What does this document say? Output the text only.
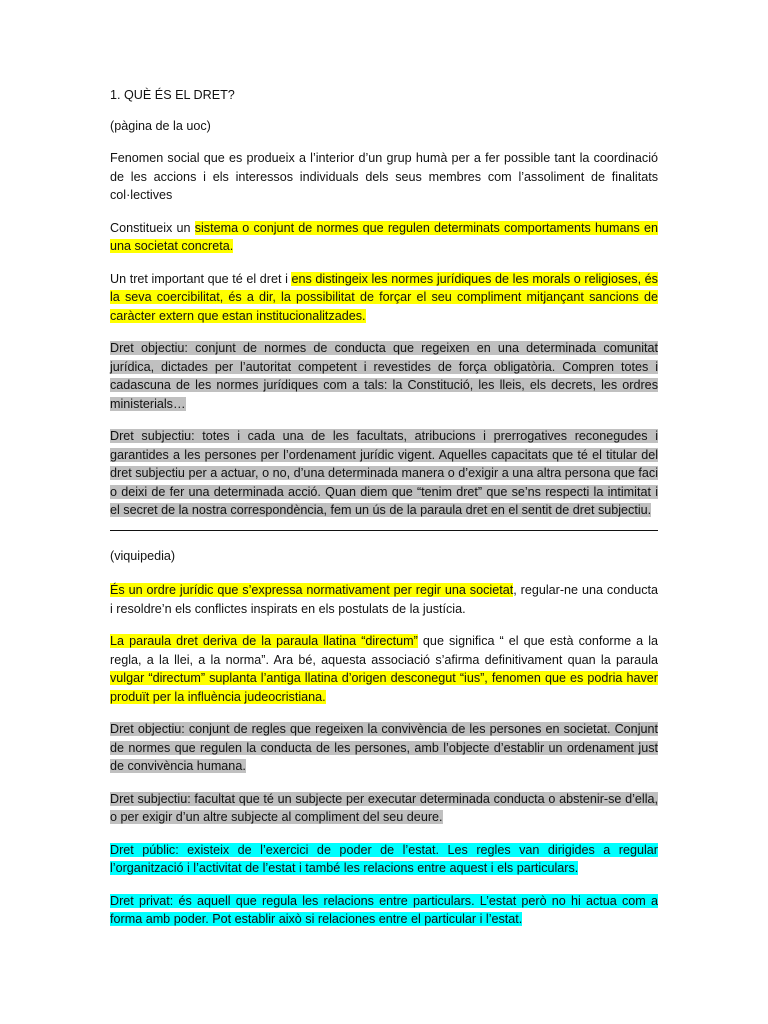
1. QUÈ ÉS EL DRET?

(pàgina de la uoc)

Fenomen social que es produeix a l’interior d’un grup humà per a fer possible tant la coordinació de les accions i els interessos individuals dels seus membres com l’assoliment de finalitats col·lectives

Constitueix un sistema o conjunt de normes que regulen determinats comportaments humans en una societat concreta.

Un tret important que té el dret i ens distingeix les normes jurídiques de les morals o religioses, és la seva coercibilitat, és a dir, la possibilitat de forçar el seu compliment mitjançant sancions de caràcter extern que estan institucionalitzades.

Dret objectiu: conjunt de normes de conducta que regeixen en una determinada comunitat jurídica, dictades per l’autoritat competent i revestides de força obligatòria. Compren totes i cadascuna de les normes jurídiques com a tals: la Constitució, les lleis, els decrets, les ordres ministerials…

Dret subjectiu: totes i cada una de les facultats, atribucions i prerrogatives reconegudes i garantides a les persones per l’ordenament jurídic vigent. Aquelles capacitats que té el titular del dret subjectiu per a actuar, o no, d’una determinada manera o d’exigir a una altra persona que faci o deixi de fer una determinada acció. Quan diem que “tenim dret” que se’ns respecti la intimitat i el secret de la nostra correspondència, fem un ús de la paraula dret en el sentit de dret subjectiu.

(viquipedia)

És un ordre jurídic que s’expressa normativament per regir una societat, regular-ne una conducta i resoldre’n els conflictes inspirats en els postulats de la justícia.

La paraula dret deriva de la paraula llatina “directum” que significa “ el que està conforme a la regla, a la llei, a la norma”. Ara bé, aquesta associació s’afirma definitivament quan la paraula vulgar “directum” suplanta l’antiga llatina d’origen desconegut “ius”, fenomen que es podria haver produït per la influència judeocristiana.

Dret objectiu: conjunt de regles que regeixen la convivència de les persones en societat. Conjunt de normes que regulen la conducta de les persones, amb l’objecte d’establir un ordenament just de convivència humana.

Dret subjectiu: facultat que té un subjecte per executar determinada conducta o abstenir-se d’ella, o per exigir d’un altre subjecte al compliment del seu deure.

Dret públic: existeix de l’exercici de poder de l’estat. Les regles van dirigides a regular l’organització i l’activitat de l’estat i també les relacions entre aquest i els particulars.

Dret privat: és aquell que regula les relacions entre particulars. L’estat però no hi actua com a forma amb poder. Pot establir això si relaciones entre el particular i l’estat.
